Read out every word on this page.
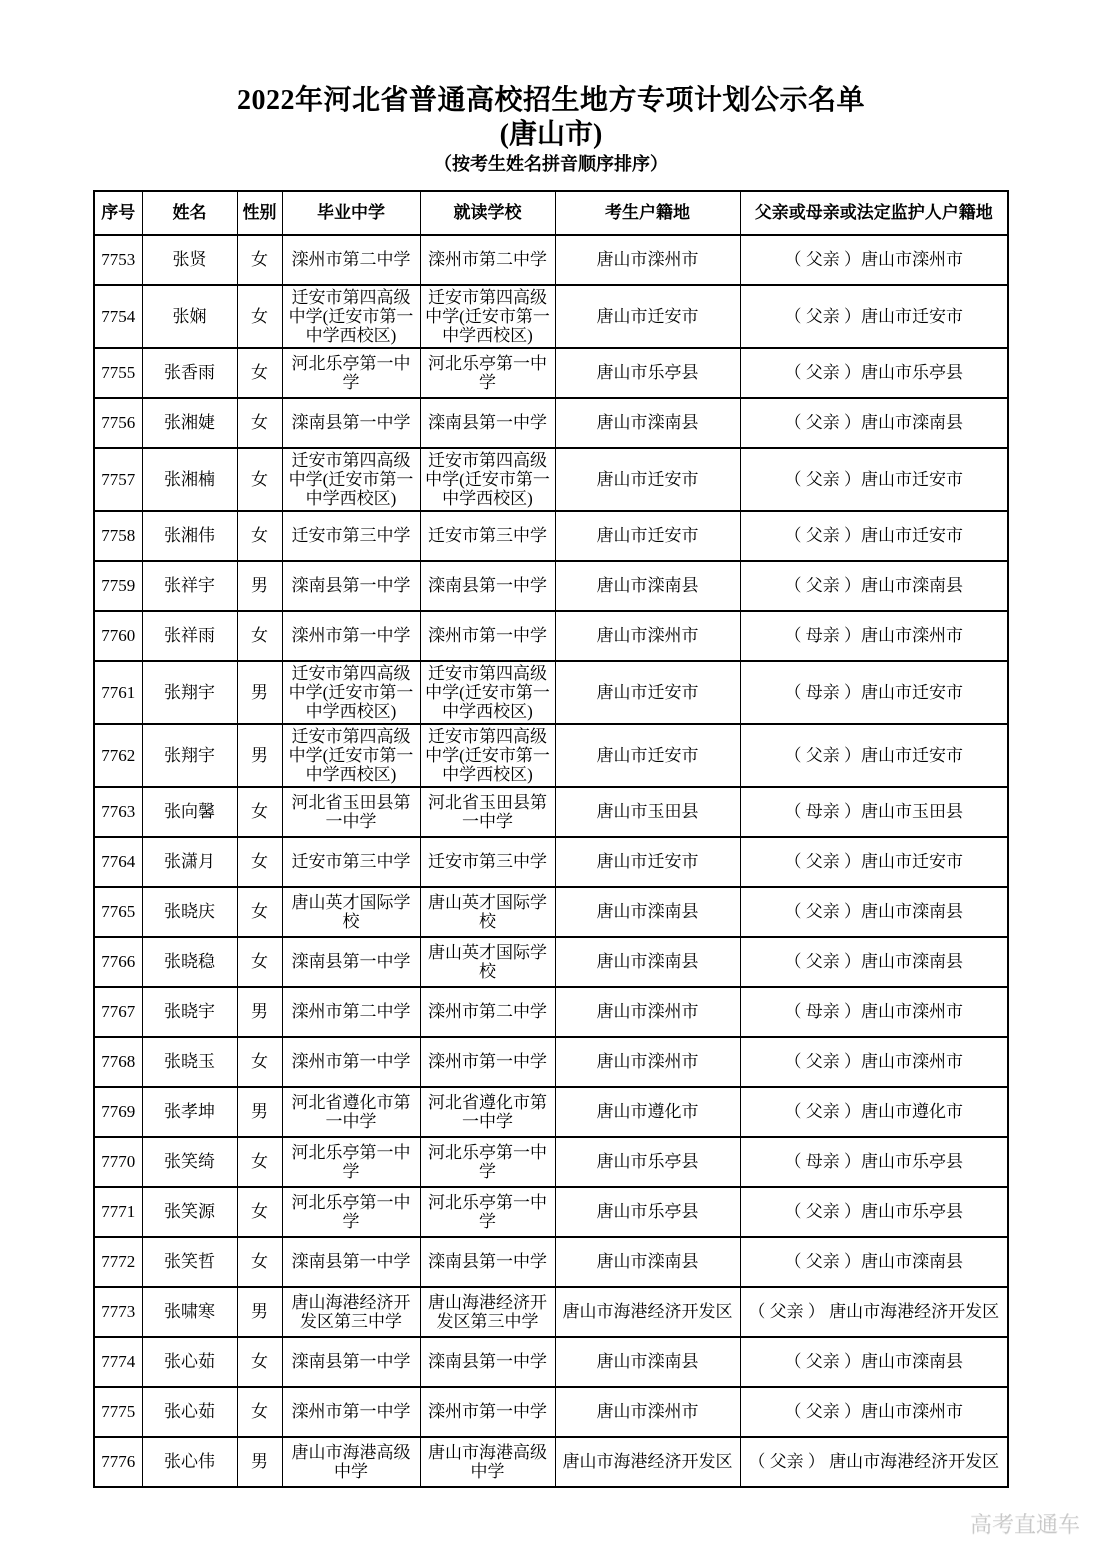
2022年河北省普通高校招生地方专项计划公示名单
(唐山市)
（按考生姓名拼音顺序排序）
序号	姓名	性别	毕业中学	就读学校	考生户籍地	父亲或母亲或法定监护人户籍地
7753	张贤	女	滦州市第二中学	滦州市第二中学	唐山市滦州市	（ 父亲 ）唐山市滦州市
7754	张娴	女	迁安市第四高级中学(迁安市第一中学西校区)	迁安市第四高级中学(迁安市第一中学西校区)	唐山市迁安市	（ 父亲 ）唐山市迁安市
7755	张香雨	女	河北乐亭第一中学	河北乐亭第一中学	唐山市乐亭县	（ 父亲 ）唐山市乐亭县
7756	张湘婕	女	滦南县第一中学	滦南县第一中学	唐山市滦南县	（ 父亲 ）唐山市滦南县
7757	张湘楠	女	迁安市第四高级中学(迁安市第一中学西校区)	迁安市第四高级中学(迁安市第一中学西校区)	唐山市迁安市	（ 父亲 ）唐山市迁安市
7758	张湘伟	女	迁安市第三中学	迁安市第三中学	唐山市迁安市	（ 父亲 ）唐山市迁安市
7759	张祥宇	男	滦南县第一中学	滦南县第一中学	唐山市滦南县	（ 父亲 ）唐山市滦南县
7760	张祥雨	女	滦州市第一中学	滦州市第一中学	唐山市滦州市	（ 母亲 ）唐山市滦州市
7761	张翔宇	男	迁安市第四高级中学(迁安市第一中学西校区)	迁安市第四高级中学(迁安市第一中学西校区)	唐山市迁安市	（ 母亲 ）唐山市迁安市
7762	张翔宇	男	迁安市第四高级中学(迁安市第一中学西校区)	迁安市第四高级中学(迁安市第一中学西校区)	唐山市迁安市	（ 父亲 ）唐山市迁安市
7763	张向馨	女	河北省玉田县第一中学	河北省玉田县第一中学	唐山市玉田县	（ 母亲 ）唐山市玉田县
7764	张潇月	女	迁安市第三中学	迁安市第三中学	唐山市迁安市	（ 父亲 ）唐山市迁安市
7765	张晓庆	女	唐山英才国际学校	唐山英才国际学校	唐山市滦南县	（ 父亲 ）唐山市滦南县
7766	张晓稳	女	滦南县第一中学	唐山英才国际学校	唐山市滦南县	（ 父亲 ）唐山市滦南县
7767	张晓宇	男	滦州市第二中学	滦州市第二中学	唐山市滦州市	（ 母亲 ）唐山市滦州市
7768	张晓玉	女	滦州市第一中学	滦州市第一中学	唐山市滦州市	（ 父亲 ）唐山市滦州市
7769	张孝坤	男	河北省遵化市第一中学	河北省遵化市第一中学	唐山市遵化市	（ 父亲 ）唐山市遵化市
7770	张笑绮	女	河北乐亭第一中学	河北乐亭第一中学	唐山市乐亭县	（ 母亲 ）唐山市乐亭县
7771	张笑源	女	河北乐亭第一中学	河北乐亭第一中学	唐山市乐亭县	（ 父亲 ）唐山市乐亭县
7772	张笑哲	女	滦南县第一中学	滦南县第一中学	唐山市滦南县	（ 父亲 ）唐山市滦南县
7773	张啸寒	男	唐山海港经济开发区第三中学	唐山海港经济开发区第三中学	唐山市海港经济开发区	（ 父亲 ） 唐山市海港经济开发区
7774	张心茹	女	滦南县第一中学	滦南县第一中学	唐山市滦南县	（ 父亲 ）唐山市滦南县
7775	张心茹	女	滦州市第一中学	滦州市第一中学	唐山市滦州市	（ 父亲 ）唐山市滦州市
7776	张心伟	男	唐山市海港高级中学	唐山市海港高级中学	唐山市海港经济开发区	（ 父亲 ） 唐山市海港经济开发区
高考直通车
